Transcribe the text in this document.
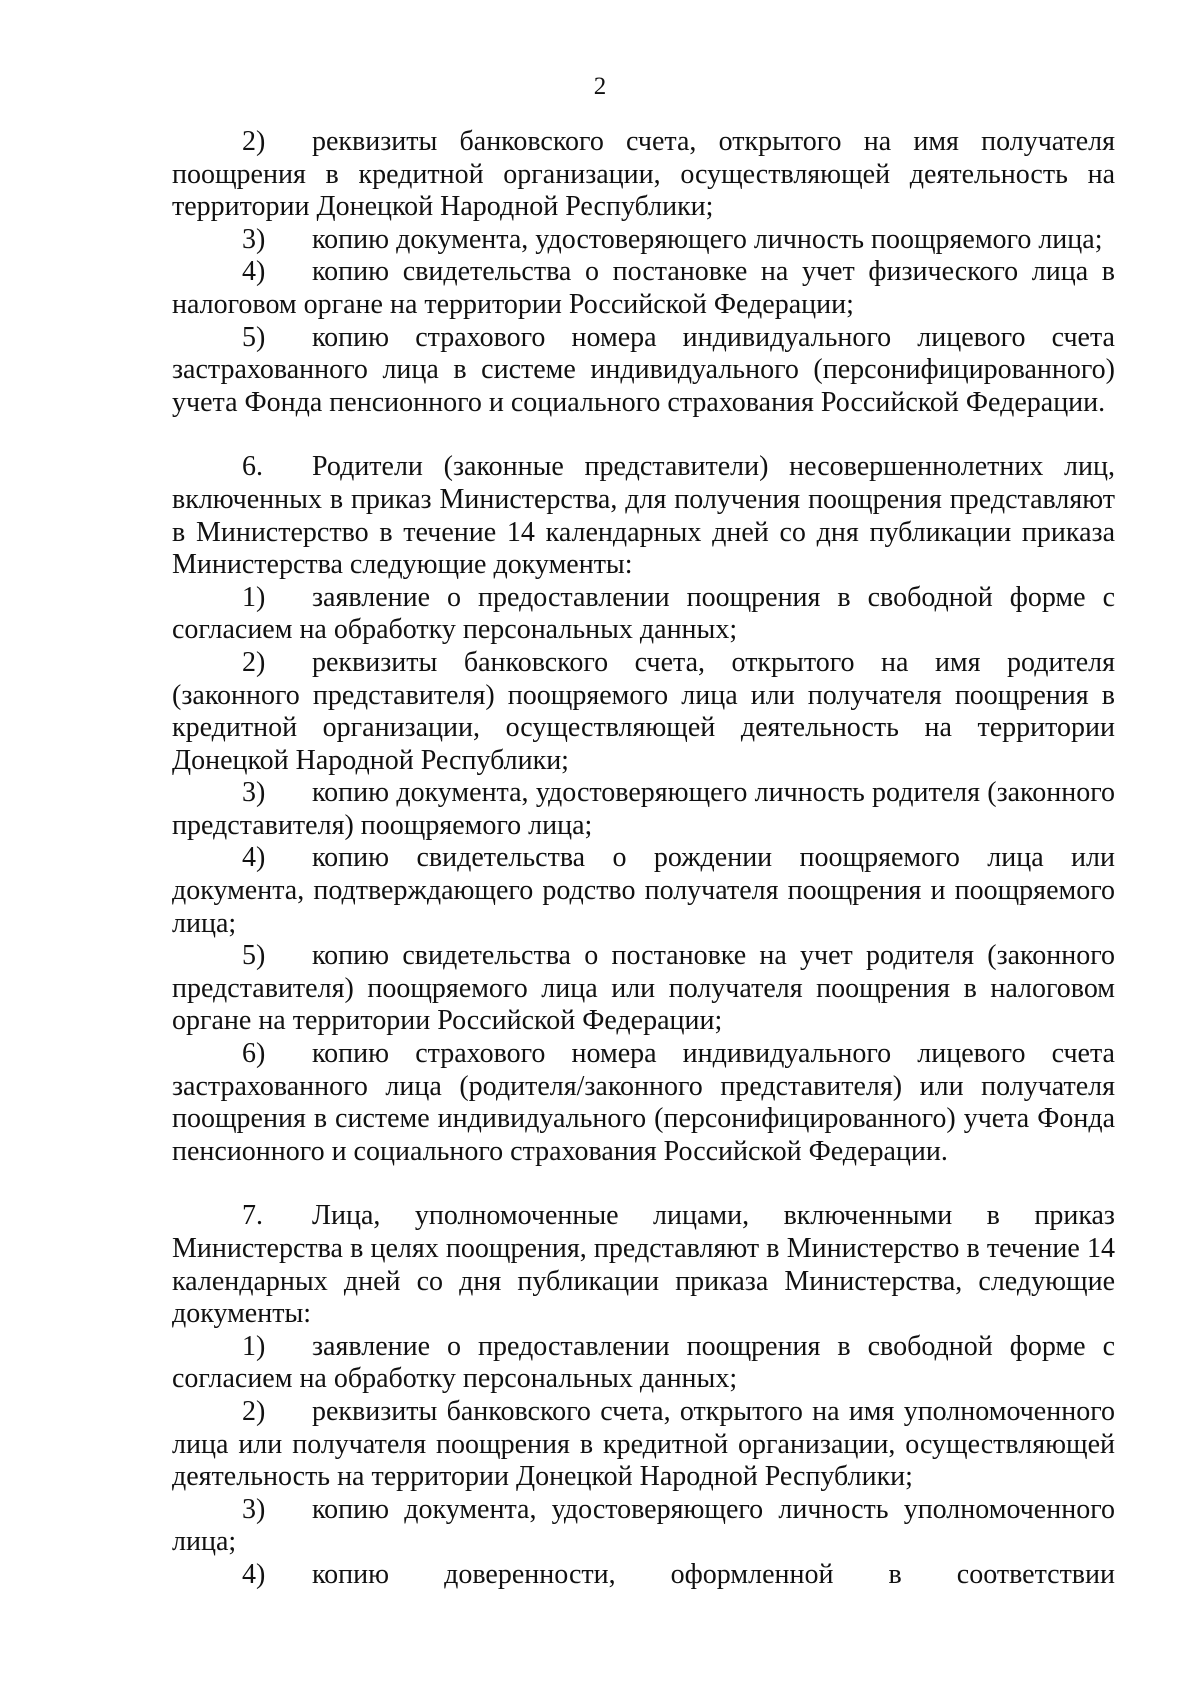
2

2) реквизиты банковского счета, открытого на имя получателя поощрения в кредитной организации, осуществляющей деятельность на территории Донецкой Народной Республики;

3) копию документа, удостоверяющего личность поощряемого лица;

4) копию свидетельства о постановке на учет физического лица в налоговом органе на территории Российской Федерации;

5) копию страхового номера индивидуального лицевого счета застрахованного лица в системе индивидуального (персонифицированного) учета Фонда пенсионного и социального страхования Российской Федерации.

6. Родители (законные представители) несовершеннолетних лиц, включенных в приказ Министерства, для получения поощрения представляют в Министерство в течение 14 календарных дней со дня публикации приказа Министерства следующие документы:

1) заявление о предоставлении поощрения в свободной форме с согласием на обработку персональных данных;

2) реквизиты банковского счета, открытого на имя родителя (законного представителя) поощряемого лица или получателя поощрения в кредитной организации, осуществляющей деятельность на территории Донецкой Народной Республики;

3) копию документа, удостоверяющего личность родителя (законного представителя) поощряемого лица;

4) копию свидетельства о рождении поощряемого лица или документа, подтверждающего родство получателя поощрения и поощряемого лица;

5) копию свидетельства о постановке на учет родителя (законного представителя) поощряемого лица или получателя поощрения в налоговом органе на территории Российской Федерации;

6) копию страхового номера индивидуального лицевого счета застрахованного лица (родителя/законного представителя) или получателя поощрения в системе индивидуального (персонифицированного) учета Фонда пенсионного и социального страхования Российской Федерации.

7. Лица, уполномоченные лицами, включенными в приказ Министерства в целях поощрения, представляют в Министерство в течение 14 календарных дней со дня публикации приказа Министерства, следующие документы:

1) заявление о предоставлении поощрения в свободной форме с согласием на обработку персональных данных;

2) реквизиты банковского счета, открытого на имя уполномоченного лица или получателя поощрения в кредитной организации, осуществляющей деятельность на территории Донецкой Народной Республики;

3) копию документа, удостоверяющего личность уполномоченного лица;

4) копию доверенности, оформленной в соответствии
